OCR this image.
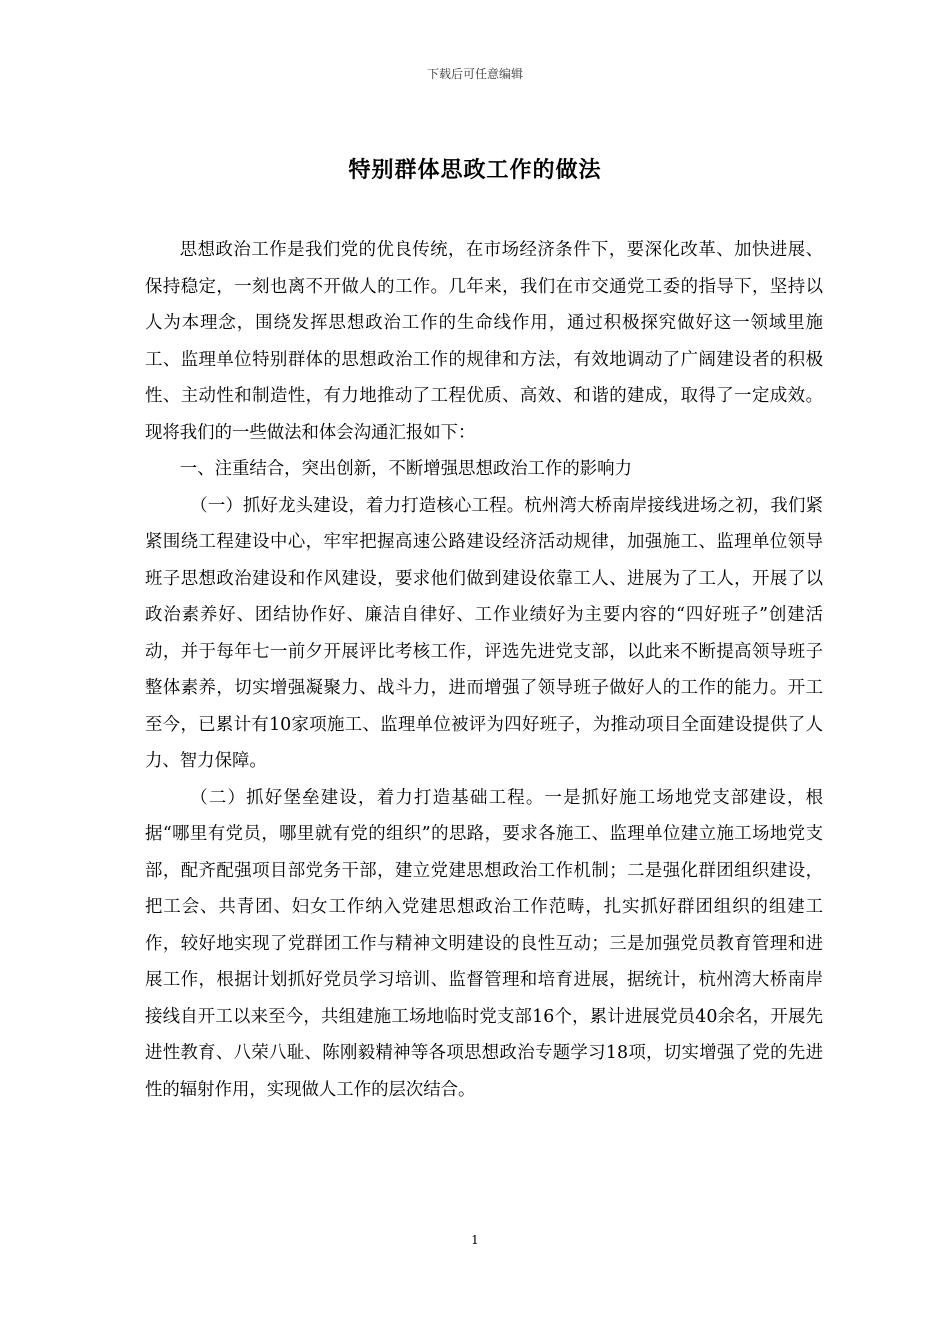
下载后可任意编辑
特别群体思政工作的做法

思想政治工作是我们党的优良传统，在市场经济条件下，要深化改革、加快进展、保持稳定，一刻也离不开做人的工作。几年来，我们在市交通党工委的指导下，坚持以人为本理念，围绕发挥思想政治工作的生命线作用，通过积极探究做好这一领域里施工、监理单位特别群体的思想政治工作的规律和方法，有效地调动了广阔建设者的积极性、主动性和制造性，有力地推动了工程优质、高效、和谐的建成，取得了一定成效。现将我们的一些做法和体会沟通汇报如下：

一、注重结合，突出创新，不断增强思想政治工作的影响力

（一）抓好龙头建设，着力打造核心工程。杭州湾大桥南岸接线进场之初，我们紧紧围绕工程建设中心，牢牢把握高速公路建设经济活动规律，加强施工、监理单位领导班子思想政治建设和作风建设，要求他们做到建设依靠工人、进展为了工人，开展了以政治素养好、团结协作好、廉洁自律好、工作业绩好为主要内容的“四好班子”创建活动，并于每年七一前夕开展评比考核工作，评选先进党支部，以此来不断提高领导班子整体素养，切实增强凝聚力、战斗力，进而增强了领导班子做好人的工作的能力。开工至今，已累计有10家项施工、监理单位被评为四好班子，为推动项目全面建设提供了人力、智力保障。

（二）抓好堡垒建设，着力打造基础工程。一是抓好施工场地党支部建设，根据“哪里有党员，哪里就有党的组织”的思路，要求各施工、监理单位建立施工场地党支部，配齐配强项目部党务干部，建立党建思想政治工作机制；二是强化群团组织建设，把工会、共青团、妇女工作纳入党建思想政治工作范畴，扎实抓好群团组织的组建工作，较好地实现了党群团工作与精神文明建设的良性互动；三是加强党员教育管理和进展工作，根据计划抓好党员学习培训、监督管理和培育进展，据统计，杭州湾大桥南岸接线自开工以来至今，共组建施工场地临时党支部16个，累计进展党员40余名，开展先进性教育、八荣八耻、陈刚毅精神等各项思想政治专题学习18项，切实增强了党的先进性的辐射作用，实现做人工作的层次结合。

1
